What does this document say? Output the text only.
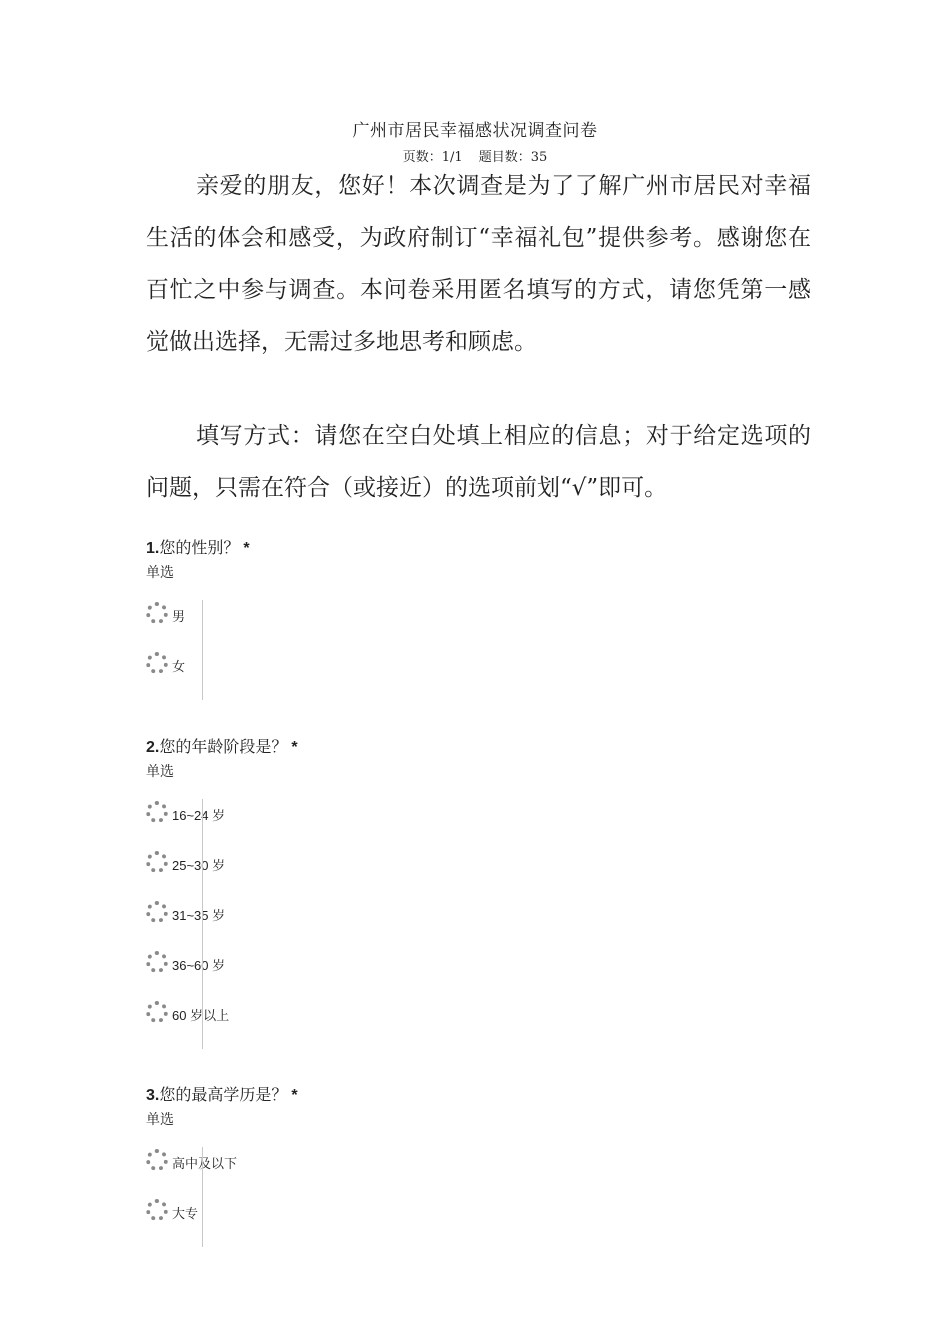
广州市居民幸福感状况调查问卷
页数：1/1 题目数：35
亲爱的朋友，您好！本次调查是为了了解广州市居民对幸福生活的体会和感受，为政府制订“幸福礼包”提供参考。感谢您在百忙之中参与调查。本问卷采用匿名填写的方式，请您凭第一感觉做出选择，无需过多地思考和顾虑。
填写方式：请您在空白处填上相应的信息；对于给定选项的问题，只需在符合（或接近）的选项前划“√”即可。
1.您的性别？ *
单选
男
女
2.您的年龄阶段是？ *
单选
16~24 岁
25~30 岁
31~35 岁
36~60 岁
60 岁以上
3.您的最高学历是？ *
单选
高中及以下
大专
